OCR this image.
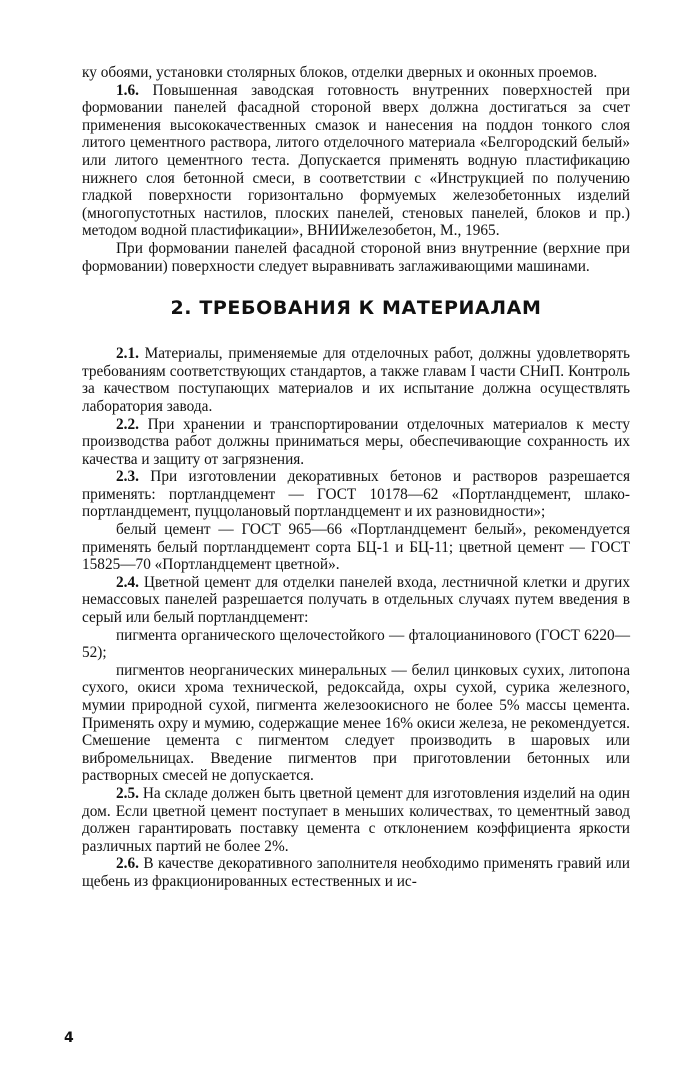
ку обоями, установки столярных блоков, отделки дверных и оконных проемов.

1.6. Повышенная заводская готовность внутренних поверхностей при формовании панелей фасадной стороной вверх должна достигаться за счет применения высококачественных смазок и нанесения на поддон тонкого слоя литого цементного раствора, литого отделочного материала «Белгородский белый» или литого цементного теста. Допускается применять водную пластификацию нижнего слоя бетонной смеси, в соответствии с «Инструкцией по получению гладкой поверхности горизонтально формуемых железобетонных изделий (многопустотных настилов, плоских панелей, стеновых панелей, блоков и пр.) методом водной пластификации», ВНИИжелезобетон, М., 1965.

При формовании панелей фасадной стороной вниз внутренние (верхние при формовании) поверхности следует выравнивать заглаживающими машинами.

2. ТРЕБОВАНИЯ К МАТЕРИАЛАМ

2.1. Материалы, применяемые для отделочных работ, должны удовлетворять требованиям соответствующих стандартов, а также главам I части СНиП. Контроль за качеством поступающих материалов и их испытание должна осуществлять лаборатория завода.

2.2. При хранении и транспортировании отделочных материалов к месту производства работ должны приниматься меры, обеспечивающие сохранность их качества и защиту от загрязнения.

2.3. При изготовлении декоративных бетонов и растворов разрешается применять: портландцемент — ГОСТ 10178—62 «Портландцемент, шлако-портландцемент, пуццолановый портландцемент и их разновидности»;

белый цемент — ГОСТ 965—66 «Портландцемент белый», рекомендуется применять белый портландцемент сорта БЦ-1 и БЦ-11; цветной цемент — ГОСТ 15825—70 «Портландцемент цветной».

2.4. Цветной цемент для отделки панелей входа, лестничной клетки и других немассовых панелей разрешается получать в отдельных случаях путем введения в серый или белый портландцемент:

пигмента органического щелочестойкого — фталоцианинового (ГОСТ 6220—52);

пигментов неорганических минеральных — белил цинковых сухих, литопона сухого, окиси хрома технической, редокcайда, охры сухой, сурика железного, мумии природной сухой, пигмента железоокисного не более 5% массы цемента. Применять охру и мумию, содержащие менее 16% окиси железа, не рекомендуется. Смешение цемента с пигментом следует производить в шаровых или вибромельницах. Введение пигментов при приготовлении бетонных или растворных смесей не допускается.

2.5. На складе должен быть цветной цемент для изготовления изделий на один дом. Если цветной цемент поступает в меньших количествах, то цементный завод должен гарантировать поставку цемента с отклонением коэффициента яркости различных партий не более 2%.

2.6. В качестве декоративного заполнителя необходимо применять гравий или щебень из фракционированных естественных и ис-

4
